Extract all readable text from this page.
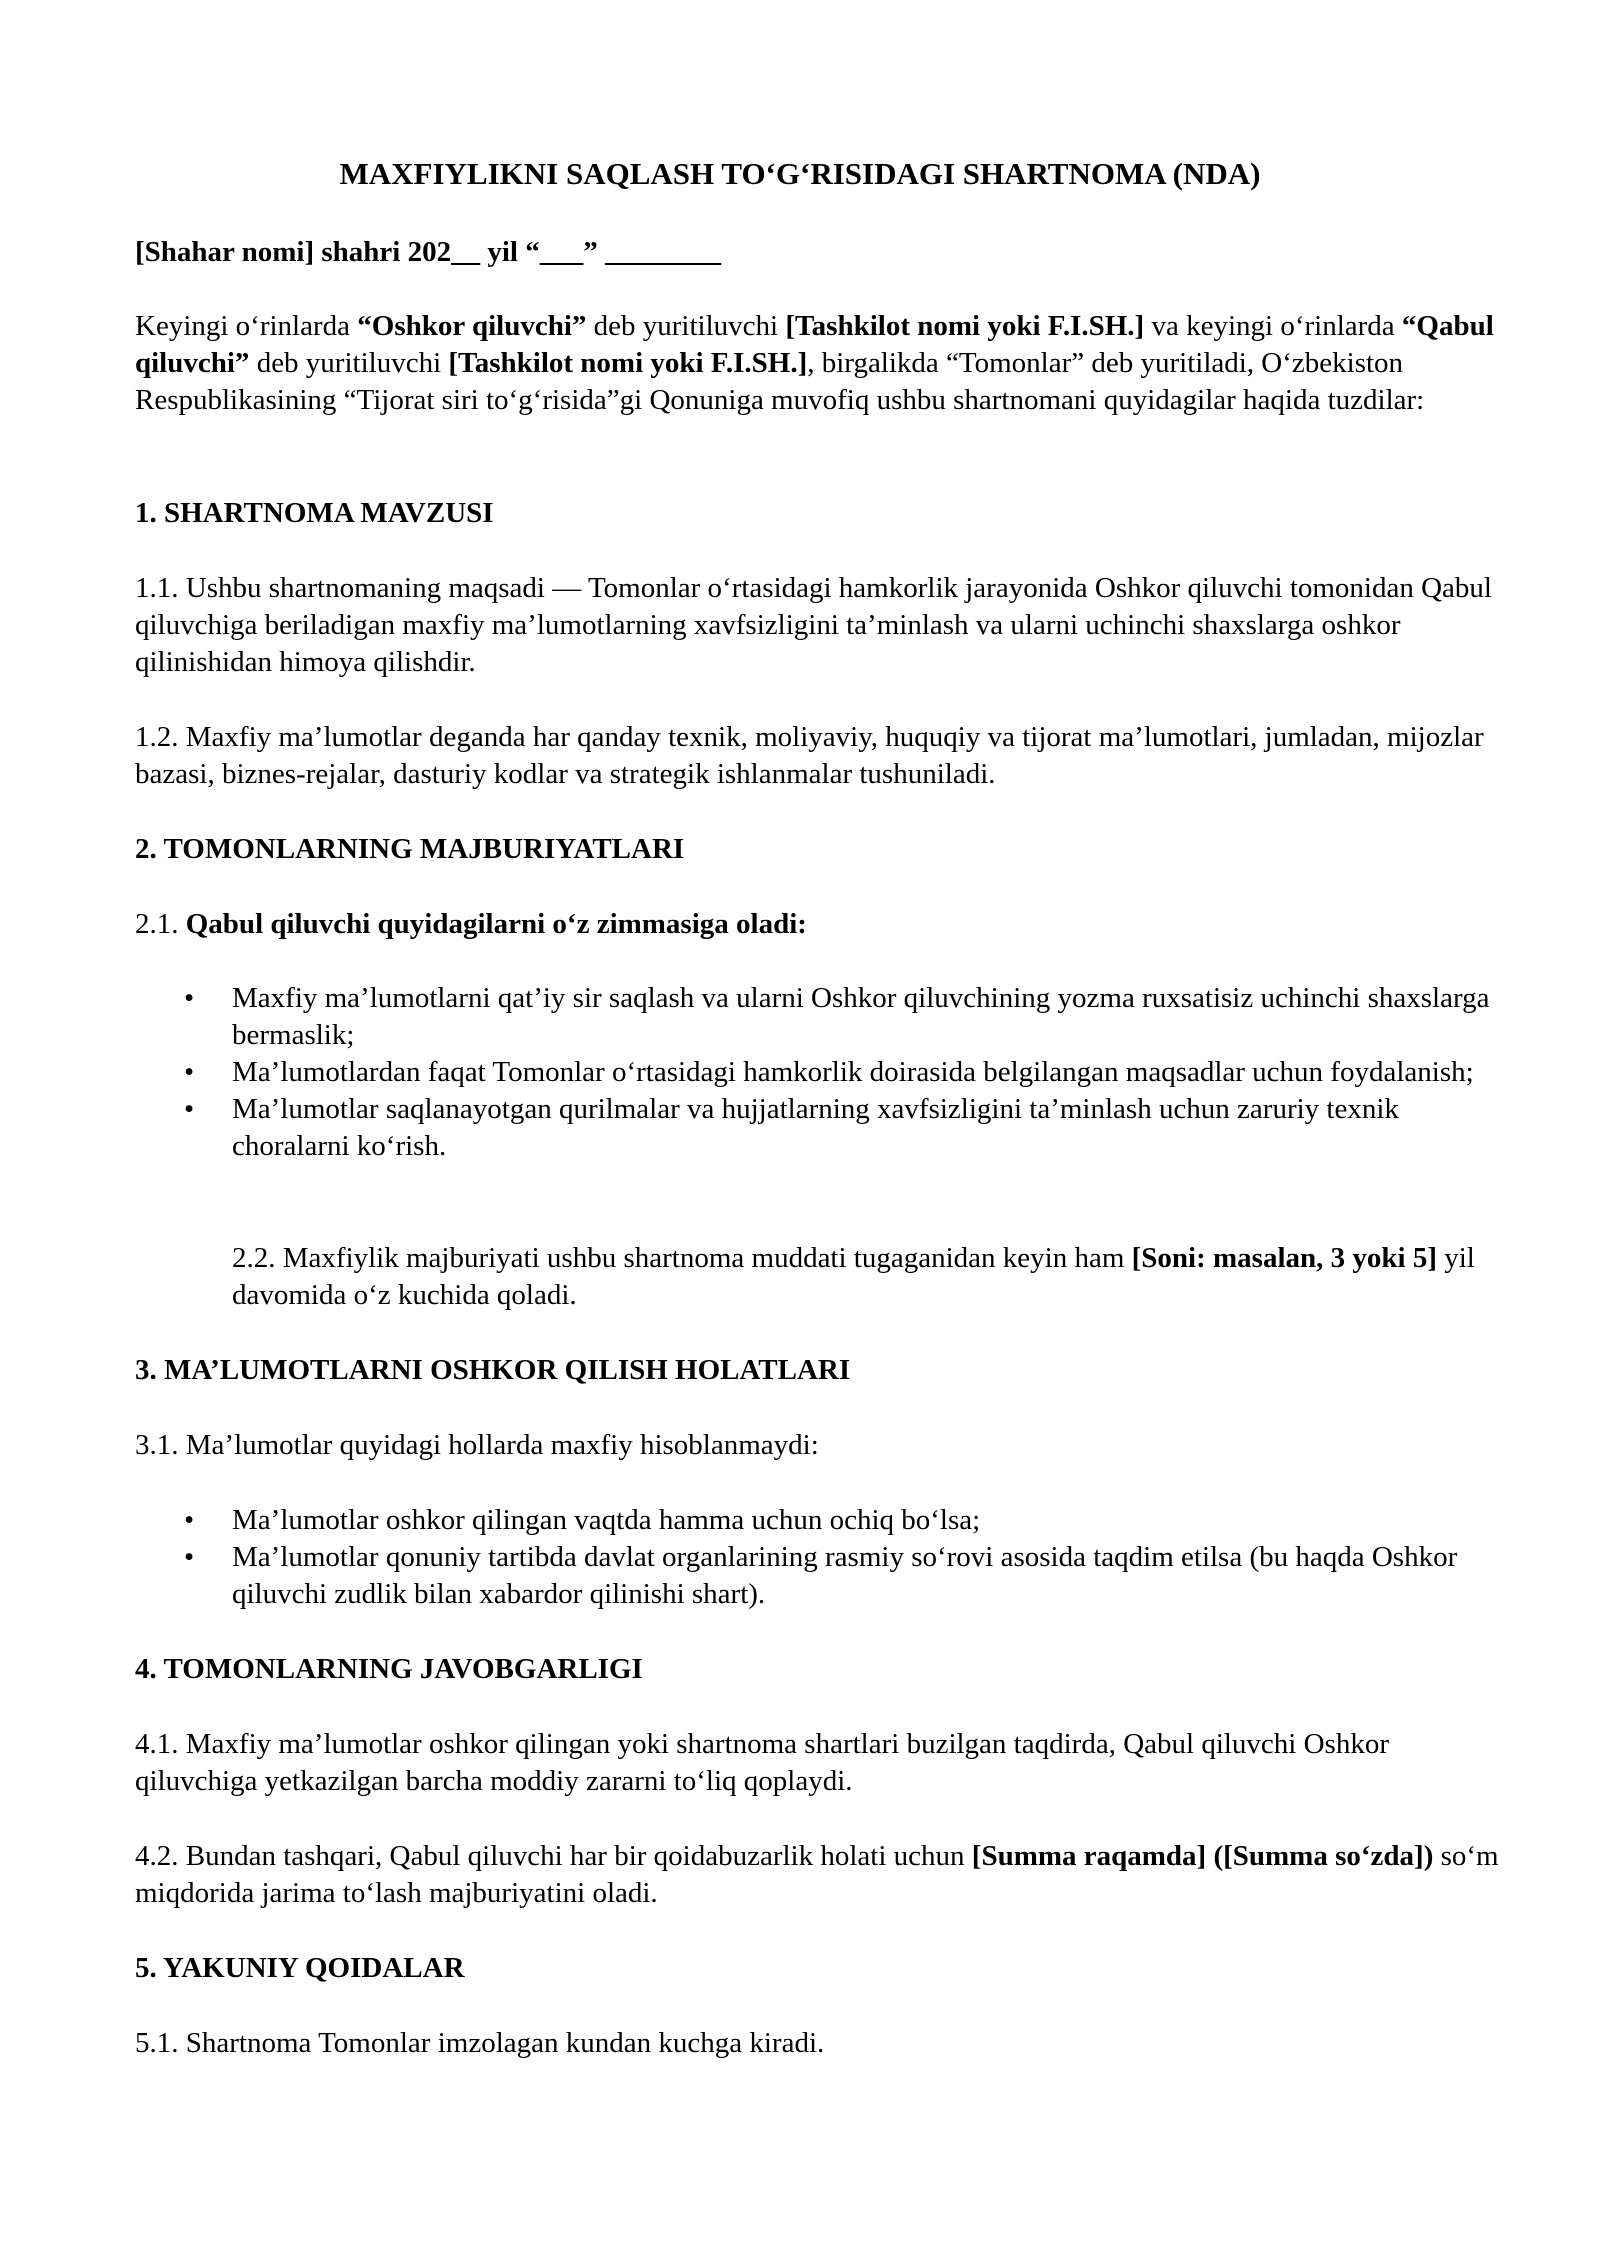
MAXFIYLIKNI SAQLASH TO‘G‘RISIDAGI SHARTNOMA (NDA)

[Shahar nomi] shahri 202__ yil “___” ________

Keyingi o‘rinlarda “Oshkor qiluvchi” deb yuritiluvchi [Tashkilot nomi yoki F.I.SH.] va keyingi o‘rinlarda “Qabul qiluvchi” deb yuritiluvchi [Tashkilot nomi yoki F.I.SH.], birgalikda “Tomonlar” deb yuritiladi, O‘zbekiston Respublikasining “Tijorat siri to‘g‘risida”gi Qonuniga muvofiq ushbu shartnomani quyidagilar haqida tuzdilar:

1. SHARTNOMA MAVZUSI

1.1. Ushbu shartnomaning maqsadi — Tomonlar o‘rtasidagi hamkorlik jarayonida Oshkor qiluvchi tomonidan Qabul qiluvchiga beriladigan maxfiy ma’lumotlarning xavfsizligini ta’minlash va ularni uchinchi shaxslarga oshkor qilinishidan himoya qilishdir.

1.2. Maxfiy ma’lumotlar deganda har qanday texnik, moliyaviy, huquqiy va tijorat ma’lumotlari, jumladan, mijozlar bazasi, biznes-rejalar, dasturiy kodlar va strategik ishlanmalar tushuniladi.

2. TOMONLARNING MAJBURIYATLARI

2.1. Qabul qiluvchi quyidagilarni o‘z zimmasiga oladi:

• Maxfiy ma’lumotlarni qat’iy sir saqlash va ularni Oshkor qiluvchining yozma ruxsatisiz uchinchi shaxslarga bermaslik;
• Ma’lumotlardan faqat Tomonlar o‘rtasidagi hamkorlik doirasida belgilangan maqsadlar uchun foydalanish;
• Ma’lumotlar saqlanayotgan qurilmalar va hujjatlarning xavfsizligini ta’minlash uchun zaruriy texnik choralarni ko‘rish.

2.2. Maxfiylik majburiyati ushbu shartnoma muddati tugaganidan keyin ham [Soni: masalan, 3 yoki 5] yil davomida o‘z kuchida qoladi.

3. MA’LUMOTLARNI OSHKOR QILISH HOLATLARI

3.1. Ma’lumotlar quyidagi hollarda maxfiy hisoblanmaydi:

• Ma’lumotlar oshkor qilingan vaqtda hamma uchun ochiq bo‘lsa;
• Ma’lumotlar qonuniy tartibda davlat organlarining rasmiy so‘rovi asosida taqdim etilsa (bu haqda Oshkor qiluvchi zudlik bilan xabardor qilinishi shart).

4. TOMONLARNING JAVOBGARLIGI

4.1. Maxfiy ma’lumotlar oshkor qilingan yoki shartnoma shartlari buzilgan taqdirda, Qabul qiluvchi Oshkor qiluvchiga yetkazilgan barcha moddiy zararni to‘liq qoplaydi.

4.2. Bundan tashqari, Qabul qiluvchi har bir qoidabuzarlik holati uchun [Summa raqamda] ([Summa so‘zda]) so‘m miqdorida jarima to‘lash majburiyatini oladi.

5. YAKUNIY QOIDALAR

5.1. Shartnoma Tomonlar imzolagan kundan kuchga kiradi.
